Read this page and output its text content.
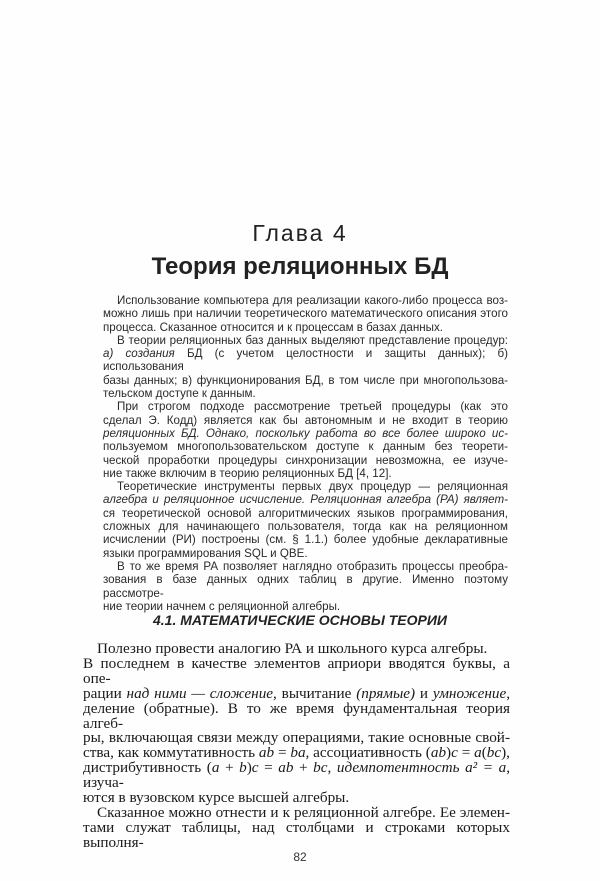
Глава 4
Теория реляционных БД
Использование компьютера для реализации какого-либо процесса воз-
можно лишь при наличии теоретического математического описания этого
процесса. Сказанное относится и к процессам в базах данных.
В теории реляционных баз данных выделяют представление процедур:
а) создания БД (с учетом целостности и защиты данных); б) использования
базы данных; в) функционирования БД, в том числе при многопользова-
тельском доступе к данным.
При строгом подходе рассмотрение третьей процедуры (как это
сделал Э. Кодд) является как бы автономным и не входит в теорию
реляционных БД. Однако, поскольку работа во все более широко ис-
пользуемом многопользовательском доступе к данным без теорети-
ческой проработки процедуры синхронизации невозможна, ее изуче-
ние также включим в теорию реляционных БД [4, 12].
Теоретические инструменты первых двух процедур — реляционная
алгебра и реляционное исчисление. Реляционная алгебра (РА) являет-
ся теоретической основой алгоритмических языков программирования,
сложных для начинающего пользователя, тогда как на реляционном
исчислении (РИ) построены (см. § 1.1.) более удобные декларативные
языки программирования SQL и QBE.
В то же время РА позволяет наглядно отобразить процессы преобра-
зования в базе данных одних таблиц в другие. Именно поэтому рассмотре-
ние теории начнем с реляционной алгебры.
4.1. МАТЕМАТИЧЕСКИЕ ОСНОВЫ ТЕОРИИ
Полезно провести аналогию РА и школьного курса алгебры.
В последнем в качестве элементов априори вводятся буквы, а опе-
рации над ними — сложение, вычитание (прямые) и умножение,
деление (обратные). В то же время фундаментальная теория алгеб-
ры, включающая связи между операциями, такие основные свой-
ства, как коммутативность ab = ba, ассоциативность (ab)c = a(bc),
дистрибутивность (a + b)c = ab + bc, идемпотентность a² = a, изуча-
ются в вузовском курсе высшей алгебры.
Сказанное можно отнести и к реляционной алгебре. Ее элемен-
тами служат таблицы, над столбцами и строками которых выполня-
82
